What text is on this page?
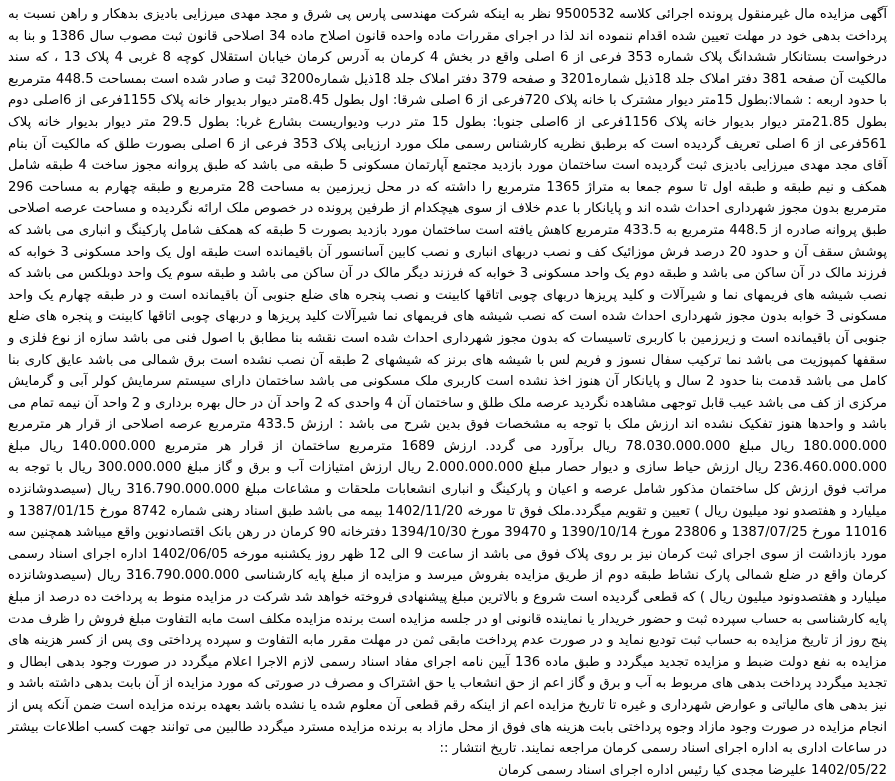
آگهی مزایده مال غیرمنقول پرونده اجرائی کلاسه 9500532 نظر به اینکه شرکت مهندسی پارس پی شرق و مجد مهدی میرزایی بادیزی بدهکار و راهن نسبت به پرداخت بدهی خود در مهلت تعیین شده اقدام ننموده اند لذا در اجرای مقررات ماده واحده قانون اصلاح ماده 34 اصلاحی قانون ثبت مصوب سال 1386 و بنا به درخواست بستانکار ششدانگ پلاک شماره 353 فرعی از 6 اصلی واقع در بخش 4 کرمان به آدرس کرمان خیابان استقلال کوچه 8 غربی 4 پلاک 13 ، که سند مالکیت آن صفحه 381 دفتر املاک جلد 18ذیل شماره3201 و صفحه 379 دفتر املاک جلد 18ذیل شماره3200 ثبت و صادر شده است بمساحت 448.5 مترمربع با حدود اربعه : شمالا:بطول 15متر دیوار مشترک با خانه پلاک 720فرعی از 6 اصلی شرقا: اول بطول 8.45متر دیوار بدیوار خانه پلاک 1155فرعی از 6اصلی دوم بطول 21.85متر دیوار بدیوار خانه پلاک 1156فرعی از 6اصلی جنوبا: بطول 15 متر درب ودیواریست بشارع غربا: بطول 29.5 متر دیوار بدیوار خانه پلاک 561فرعی از 6 اصلی تعریف گردیده است که برطبق نظریه کارشناس رسمی ملک مورد ارزیابی پلاک 353 فرعی از 6 اصلی بصورت طلق که مالکیت آن بنام آقای مجد مهدی میرزایی بادیزی ثبت گردیده است ساختمان مورد بازدید مجتمع آپارتمان مسکونی 5 طبقه می باشد که طبق پروانه مجوز ساخت 4 طبقه شامل همکف و نیم طبقه و طبقه اول تا سوم جمعا به متراژ 1365 مترمربع را داشته که در محل زیرزمین به مساحت 28 مترمربع و طبقه چهارم به مساحت 296 مترمربع بدون مجوز شهرداری احداث شده اند و پایانکار با عدم خلاف از سوی هیچکدام از طرفین پرونده در خصوص ملک ارائه نگردیده و مساحت عرصه اصلاحی طبق پروانه صادره از 448.5 مترمربع به 433.5 مترمربع کاهش یافته است ساختمان مورد بازدید بصورت 5 طبقه که همکف شامل پارکینگ و انباری می باشد که پوشش سقف آن و حدود 20 درصد فرش موزائیک کف و نصب دربهای انباری و نصب کابین آسانسور آن باقیمانده است طبقه اول یک واحد مسکونی 3 خوابه که فرزند مالک در آن ساکن می باشد و طبقه دوم یک واحد مسکونی 3 خوابه که فرزند دیگر مالک در آن ساکن می باشد و طبقه سوم یک واحد دوبلکس می باشد که نصب شیشه های فریمهای نما و شیرآلات و کلید پریزها دربهای چوبی اتاقها کابینت و نصب پنجره های ضلع جنوبی آن باقیمانده است و در طبقه چهارم یک واحد مسکونی 3 خوابه بدون مجوز شهرداری احداث شده است که نصب شیشه های فریمهای نما شیرآلات کلید پریزها و دربهای چوبی اتاقها کابینت و پنجره های ضلع جنوبی آن باقیمانده است و زیرزمین با کاربری تاسیسات که بدون مجوز شهرداری احداث شده است نقشه بنا مطابق با اصول فنی می باشد سازه از نوع فلزی و سقفها کمپوزیت می باشد نما ترکیب سفال نسوز و فریم لس با شیشه های برنز که شیشهای 2 طبقه آن نصب نشده است برق شمالی می باشد عایق کاری بنا کامل می باشد قدمت بنا حدود 2 سال و پایانکار آن هنوز اخذ نشده است کاربری ملک مسکونی می باشد ساختمان دارای سیستم سرمایش کولر آبی و گرمایش مرکزی از کف می باشد عیب قابل توجهی مشاهده نگردید عرصه ملک طلق و ساختمان آن 4 واحدی که 2 واحد آن در حال بهره برداری و 2 واحد آن نیمه تمام می باشد و واحدها هنوز تفکیک نشده اند ارزش ملک با توجه به مشخصات فوق بدین شرح می باشد : ارزش 433.5 مترمربع عرصه اصلاحی از قرار هر مترمربع 180.000.000 ریال مبلغ 78.030.000.000 ریال برآورد می گردد. ارزش 1689 مترمربع ساختمان از قرار هر مترمربع 140.000.000 ریال مبلغ 236.460.000.000 ریال ارزش حیاط سازی و دیوار حصار مبلغ 2.000.000.000 ریال ارزش امتیازات آب و برق و گاز مبلغ 300.000.000 ریال با توجه به مراتب فوق ارزش کل ساختمان مذکور شامل عرصه و اعیان و پارکینگ و انباری انشعابات ملحقات و مشاعات مبلغ 316.790.000.000 ریال (سیصدوشانزده میلیارد و هفتصدو نود میلیون ریال ) تعیین و تقویم میگردد.ملک فوق تا مورخه 1402/11/20 بیمه می باشد طبق اسناد رهنی شماره 8742 مورخ 1387/01/15 و 11016 مورخ 1387/07/25 و 23806 مورخ 1390/10/14 و 39470 مورخ 1394/10/30 دفترخانه 90 کرمان در رهن بانک اقتصادنوین واقع میباشد همچنین سه مورد بازداشت از سوی اجرای ثبت کرمان نیز بر روی پلاک فوق می باشد از ساعت 9 الی 12 ظهر روز یکشنبه مورخه 1402/06/05 اداره اجرای اسناد رسمی کرمان واقع در ضلع شمالی پارک نشاط طبقه دوم از طریق مزایده بفروش میرسد و مزایده از مبلغ پایه کارشناسی 316.790.000.000 ریال (سیصدوشانزده میلیارد و هفتصدونود میلیون ریال ) که قطعی گردیده است شروع و بالاترین مبلغ پیشنهادی فروخته خواهد شد شرکت در مزایده منوط به پرداخت ده درصد از مبلغ پایه کارشناسی به حساب سپرده ثبت و حضور خریدار یا نماینده قانونی او در جلسه مزایده است برنده مزایده مکلف است مابه التفاوت مبلغ فروش را ظرف مدت پنج روز از تاریخ مزایده به حساب ثبت تودیع نماید و در صورت عدم پرداخت مابقی ثمن در مهلت مقرر مابه التفاوت و سپرده پرداختی وی پس از کسر هزینه های مزایده به نفع دولت ضبط و مزایده تجدید میگردد و طبق ماده 136 آیین نامه اجرای مفاد اسناد رسمی لازم الاجرا اعلام میگردد در صورت وجود بدهی ابطال و تجدید میگردد پرداخت بدهی های مربوط به آب و برق و گاز اعم از حق انشعاب یا حق اشتراک و مصرف در صورتی که مورد مزایده از آن بابت بدهی داشته باشد و نیز بدهی های مالیاتی و عوارض شهرداری و غیره تا تاریخ مزایده اعم از اینکه رقم قطعی آن معلوم شده یا نشده باشد بعهده برنده مزایده است ضمن آنکه پس از انجام مزایده در صورت وجود مازاد وجوه پرداختی بابت هزینه های فوق از محل مازاد به برنده مزایده مسترد میگردد طالبین می توانند جهت کسب اطلاعات بیشتر در ساعات اداری به اداره اجرای اسناد رسمی کرمان مراجعه نمایند. تاریخ انتشار ::

1402/05/22 علیرضا مجدی کیا رئیس اداره اجرای اسناد رسمی کرمان
